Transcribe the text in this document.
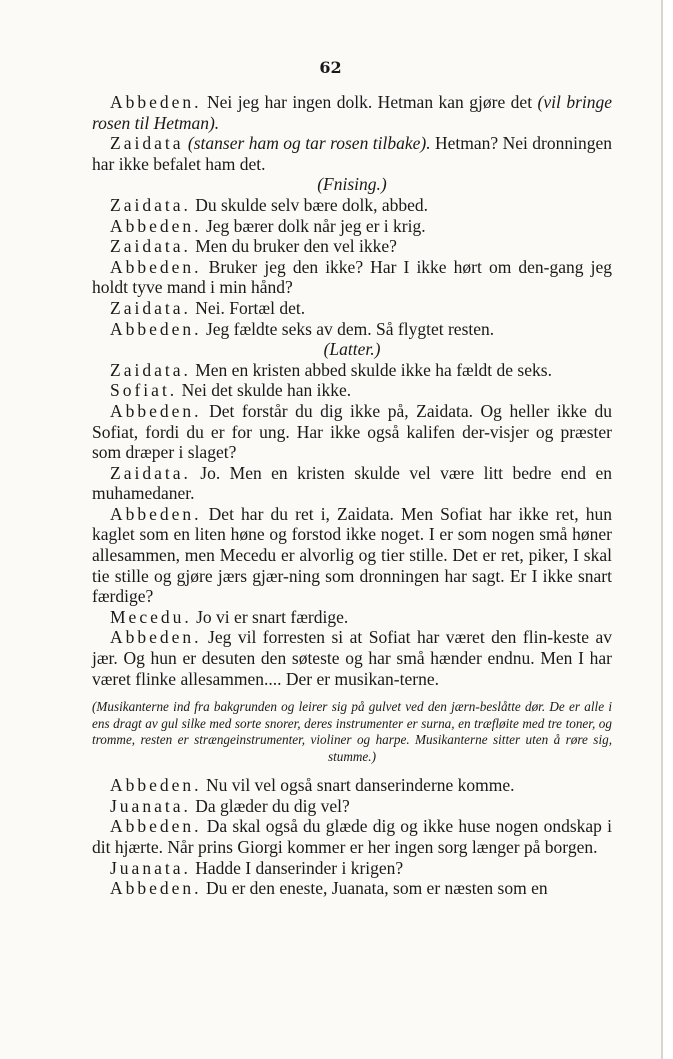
62

Abbeden. Nei jeg har ingen dolk. Hetman kan gjøre det (vil bringe rosen til Hetman).

Zaidata (stanser ham og tar rosen tilbake). Hetman? Nei dronningen har ikke befalet ham det.

(Fnising.)

Zaidata. Du skulde selv bære dolk, abbed.

Abbeden. Jeg bærer dolk når jeg er i krig.

Zaidata. Men du bruker den vel ikke?

Abbeden. Bruker jeg den ikke? Har I ikke hørt om den-gang jeg holdt tyve mand i min hånd?

Zaidata. Nei. Fortæl det.

Abbeden. Jeg fældte seks av dem. Så flygtet resten.

(Latter.)

Zaidata. Men en kristen abbed skulde ikke ha fældt de seks.

Sofiat. Nei det skulde han ikke.

Abbeden. Det forstår du dig ikke på, Zaidata. Og heller ikke du Sofiat, fordi du er for ung. Har ikke også kalifen der-visjer og præster som dræper i slaget?

Zaidata. Jo. Men en kristen skulde vel være litt bedre end en muhamedaner.

Abbeden. Det har du ret i, Zaidata. Men Sofiat har ikke ret, hun kaglet som en liten høne og forstod ikke noget. I er som nogen små høner allesammen, men Mecedu er alvorlig og tier stille. Det er ret, piker, I skal tie stille og gjøre jærs gjær-ning som dronningen har sagt. Er I ikke snart færdige?

Mecedu. Jo vi er snart færdige.

Abbeden. Jeg vil forresten si at Sofiat har været den flin-keste av jær. Og hun er desuten den søteste og har små hænder endnu. Men I har været flinke allesammen.... Der er musikan-terne.

(Musikanterne ind fra bakgrunden og leirer sig på gulvet ved den jærn-beslåtte dør. De er alle i ens dragt av gul silke med sorte snorer, deres instrumenter er surna, en træfløite med tre toner, og tromme, resten er strængeinstrumenter, violiner og harpe. Musikanterne sitter uten å røre sig, stumme.)

Abbeden. Nu vil vel også snart danserinderne komme.

Juanata. Da glæder du dig vel?

Abbeden. Da skal også du glæde dig og ikke huse nogen ondskap i dit hjærte. Når prins Giorgi kommer er her ingen sorg længer på borgen.

Juanata. Hadde I danserinder i krigen?

Abbeden. Du er den eneste, Juanata, som er næsten som en
